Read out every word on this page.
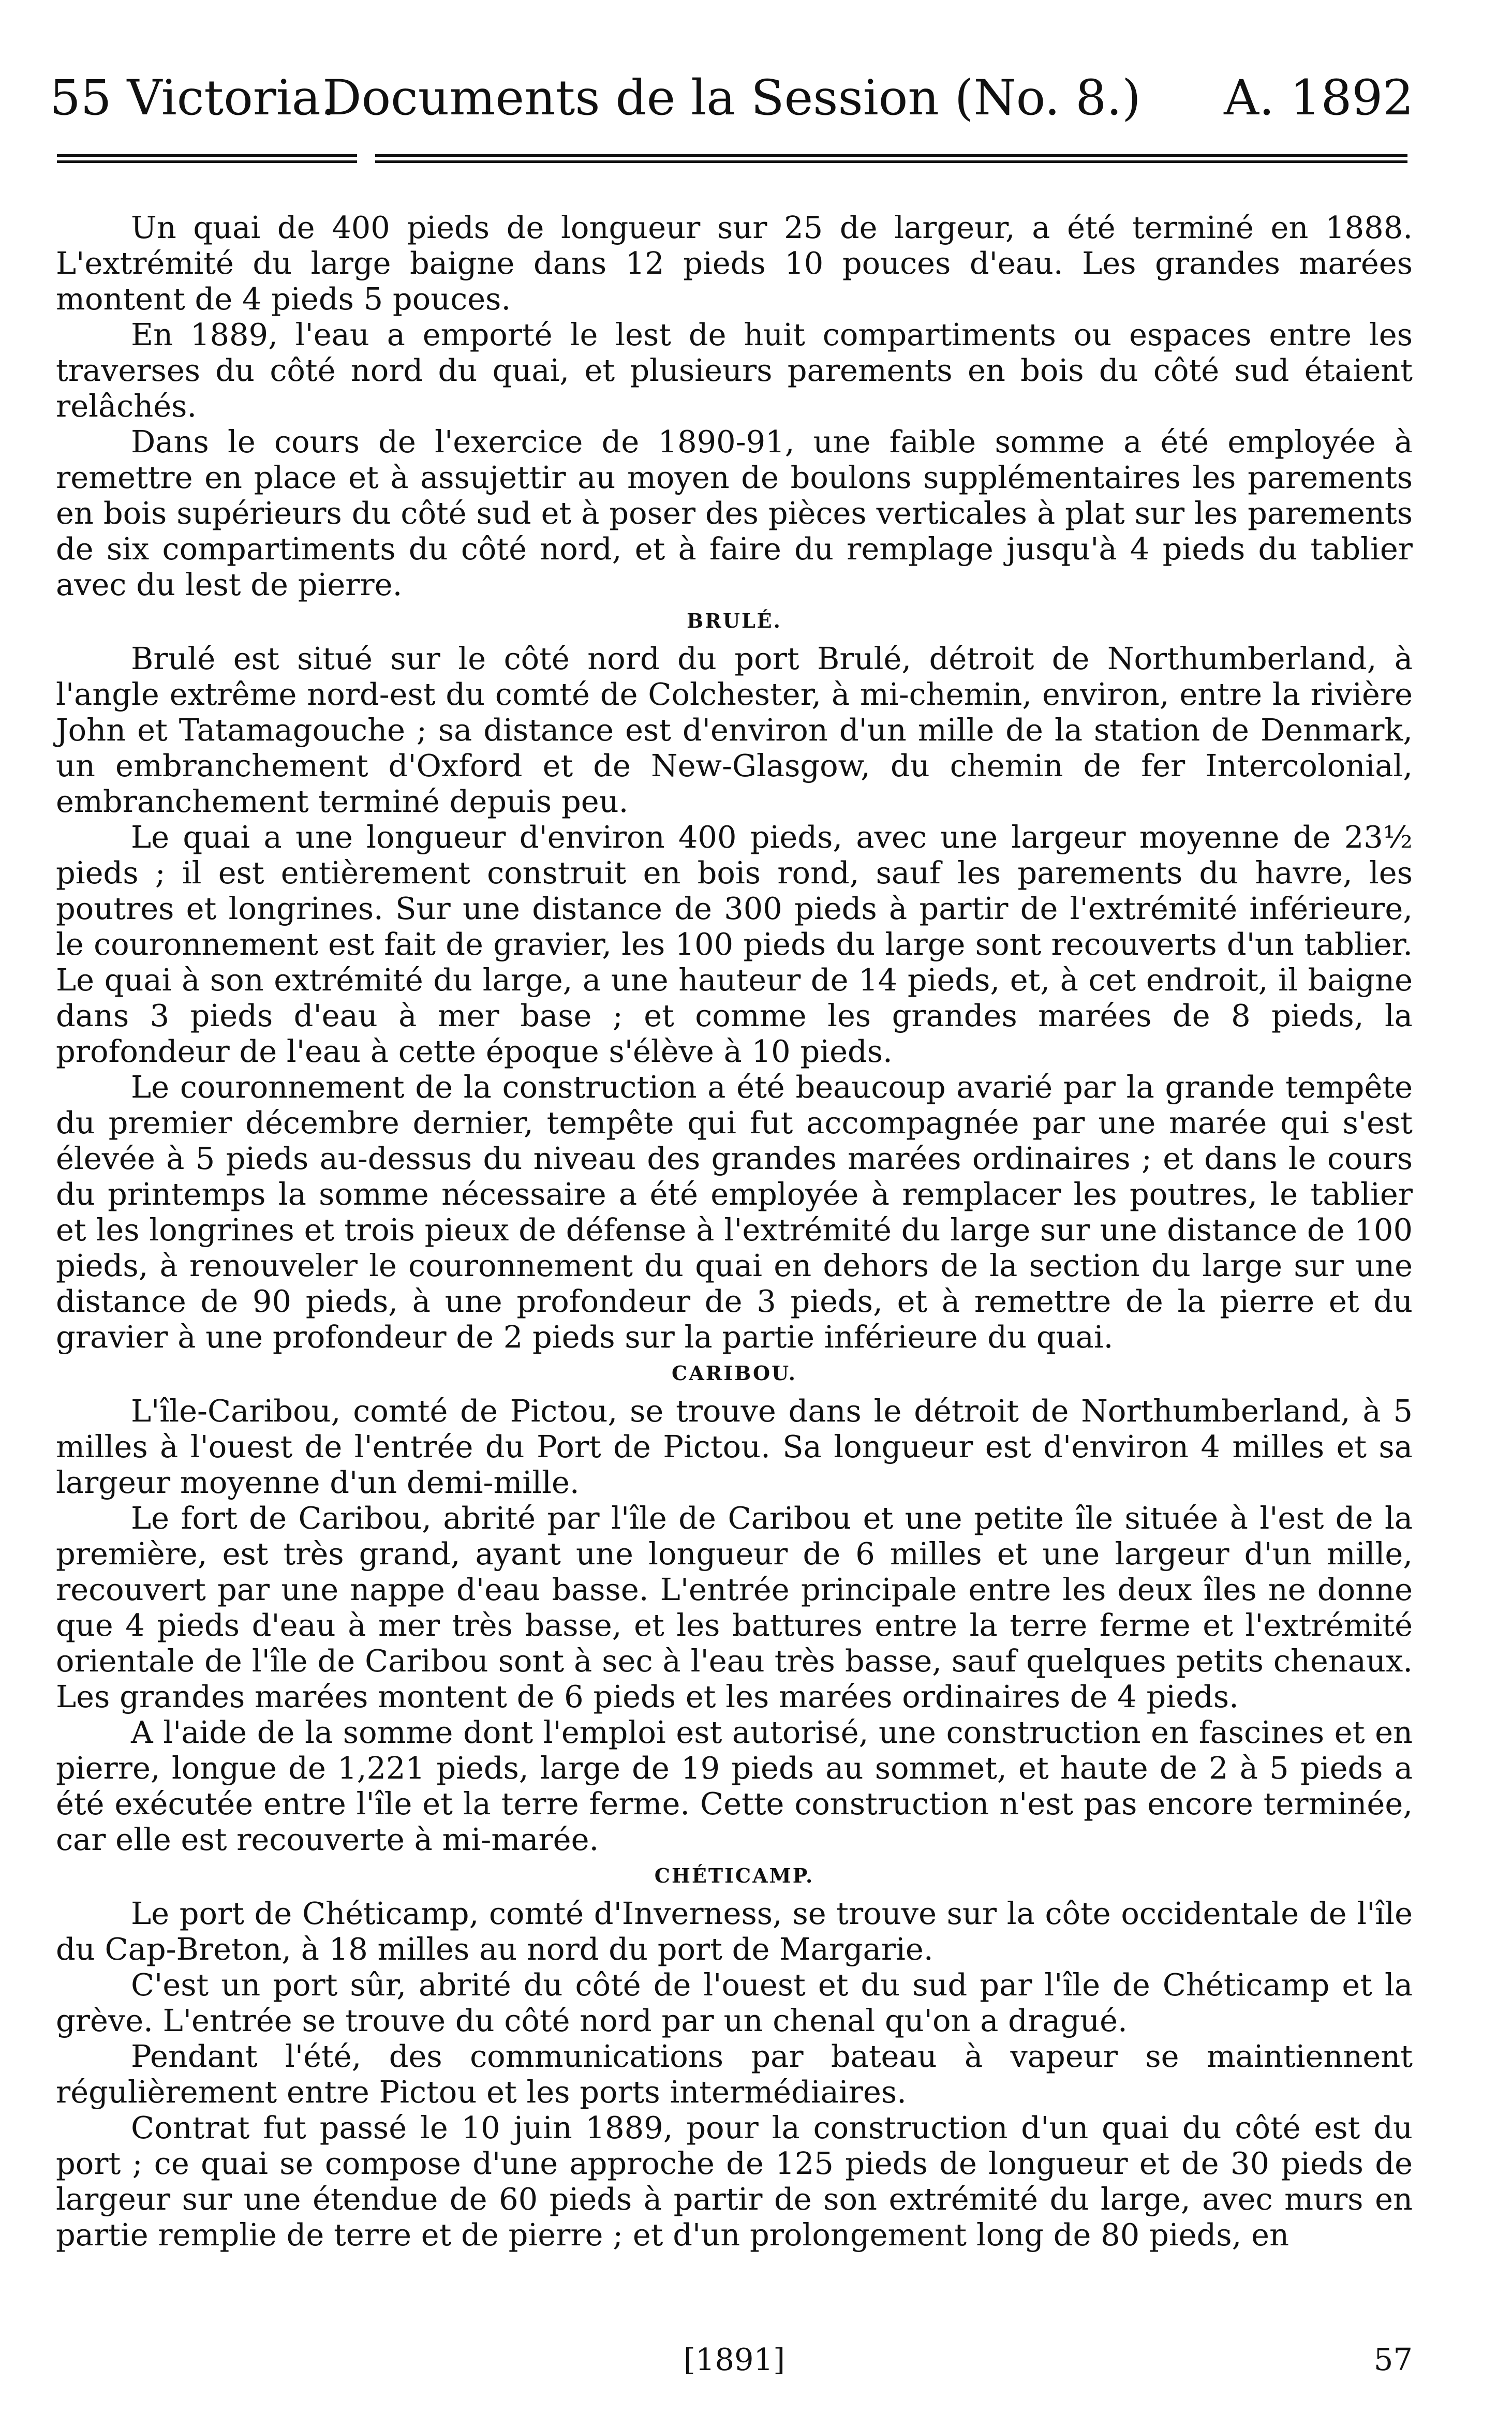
55 Victoria.
Documents de la Session (No. 8.)	A. 1892

Un quai de 400 pieds de longueur sur 25 de largeur, a été terminé en 1888. L'extrémité du large baigne dans 12 pieds 10 pouces d'eau. Les grandes marées montent de 4 pieds 5 pouces.

En 1889, l'eau a emporté le lest de huit compartiments ou espaces entre les traverses du côté nord du quai, et plusieurs parements en bois du côté sud étaient relâchés.

Dans le cours de l'exercice de 1890-91, une faible somme a été employée à remettre en place et à assujettir au moyen de boulons supplémentaires les parements en bois supérieurs du côté sud et à poser des pièces verticales à plat sur les parements de six compartiments du côté nord, et à faire du remplage jusqu'à 4 pieds du tablier avec du lest de pierre.

BRULÉ.

Brulé est situé sur le côté nord du port Brulé, détroit de Northumberland, à l'angle extrême nord-est du comté de Colchester, à mi-chemin, environ, entre la rivière John et Tatamagouche ; sa distance est d'environ d'un mille de la station de Denmark, un embranchement d'Oxford et de New-Glasgow, du chemin de fer Intercolonial, embranchement terminé depuis peu.

Le quai a une longueur d'environ 400 pieds, avec une largeur moyenne de 23½ pieds ; il est entièrement construit en bois rond, sauf les parements du havre, les poutres et longrines. Sur une distance de 300 pieds à partir de l'extrémité inférieure, le couronnement est fait de gravier, les 100 pieds du large sont recouverts d'un tablier. Le quai à son extrémité du large, a une hauteur de 14 pieds, et, à cet endroit, il baigne dans 3 pieds d'eau à mer base ; et comme les grandes marées de 8 pieds, la profondeur de l'eau à cette époque s'élève à 10 pieds.

Le couronnement de la construction a été beaucoup avarié par la grande tempête du premier décembre dernier, tempête qui fut accompagnée par une marée qui s'est élevée à 5 pieds au-dessus du niveau des grandes marées ordinaires ; et dans le cours du printemps la somme nécessaire a été employée à remplacer les poutres, le tablier et les longrines et trois pieux de défense à l'extrémité du large sur une distance de 100 pieds, à renouveler le couronnement du quai en dehors de la section du large sur une distance de 90 pieds, à une profondeur de 3 pieds, et à remettre de la pierre et du gravier à une profondeur de 2 pieds sur la partie inférieure du quai.

CARIBOU.

L'île-Caribou, comté de Pictou, se trouve dans le détroit de Northumberland, à 5 milles à l'ouest de l'entrée du Port de Pictou. Sa longueur est d'environ 4 milles et sa largeur moyenne d'un demi-mille.

Le fort de Caribou, abrité par l'île de Caribou et une petite île située à l'est de la première, est très grand, ayant une longueur de 6 milles et une largeur d'un mille, recouvert par une nappe d'eau basse. L'entrée principale entre les deux îles ne donne que 4 pieds d'eau à mer très basse, et les battures entre la terre ferme et l'extrémité orientale de l'île de Caribou sont à sec à l'eau très basse, sauf quelques petits chenaux. Les grandes marées montent de 6 pieds et les marées ordinaires de 4 pieds.

A l'aide de la somme dont l'emploi est autorisé, une construction en fascines et en pierre, longue de 1,221 pieds, large de 19 pieds au sommet, et haute de 2 à 5 pieds a été exécutée entre l'île et la terre ferme. Cette construction n'est pas encore terminée, car elle est recouverte à mi-marée.

CHÉTICAMP.

Le port de Chéticamp, comté d'Inverness, se trouve sur la côte occidentale de l'île du Cap-Breton, à 18 milles au nord du port de Margarie.

C'est un port sûr, abrité du côté de l'ouest et du sud par l'île de Chéticamp et la grève. L'entrée se trouve du côté nord par un chenal qu'on a dragué.

Pendant l'été, des communications par bateau à vapeur se maintiennent régulièrement entre Pictou et les ports intermédiaires.

Contrat fut passé le 10 juin 1889, pour la construction d'un quai du côté est du port ; ce quai se compose d'une approche de 125 pieds de longueur et de 30 pieds de largeur sur une étendue de 60 pieds à partir de son extrémité du large, avec murs en partie remplie de terre et de pierre ; et d'un prolongement long de 80 pieds, en

[1891]	57
